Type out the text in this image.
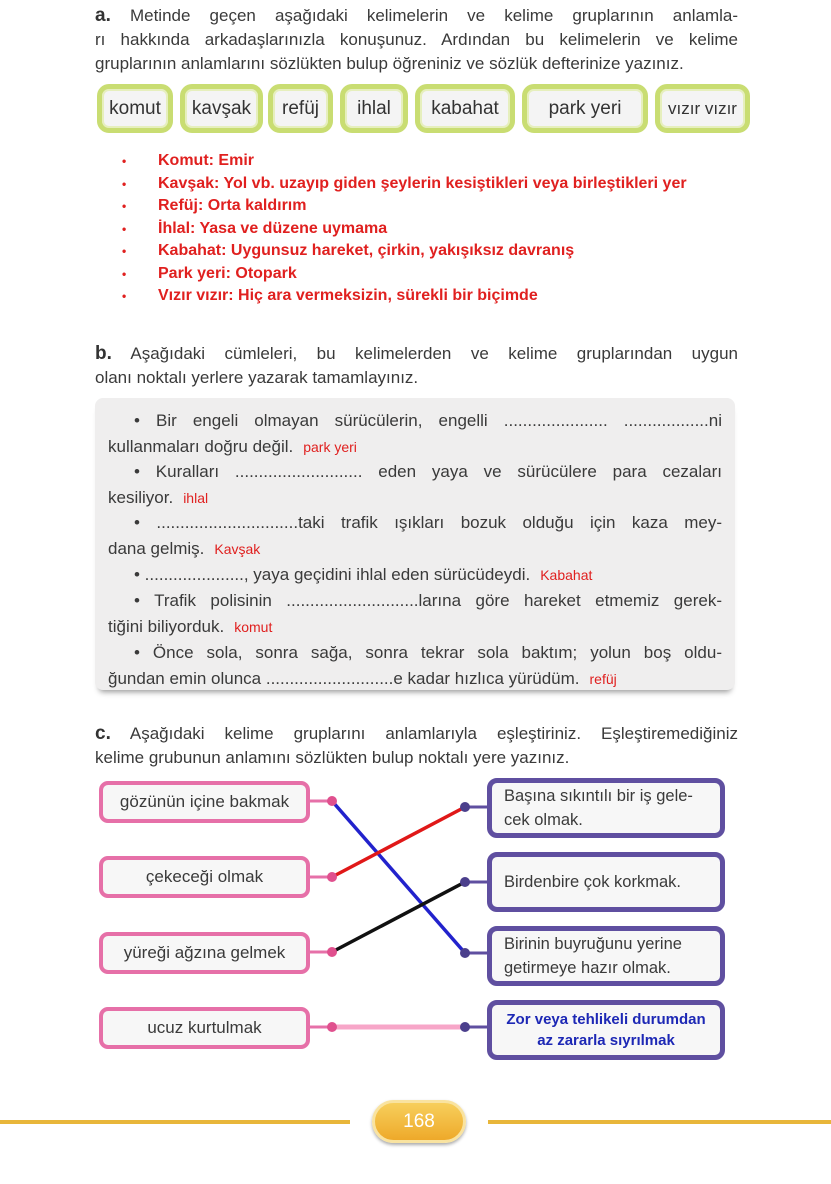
a. Metinde geçen aşağıdaki kelimelerin ve kelime gruplarının anlamla-
rı hakkında arkadaşlarınızla konuşunuz. Ardından bu kelimelerin ve kelime
gruplarının anlamlarını sözlükten bulup öğreniniz ve sözlük defterinize yazınız.
komut	kavşak	refüj	ihlal	kabahat	park yeri	vızır vızır
• Komut: Emir
• Kavşak: Yol vb. uzayıp giden şeylerin kesiştikleri veya birleştikleri yer
• Refüj: Orta kaldırım
• İhlal: Yasa ve düzene uymama
• Kabahat: Uygunsuz hareket, çirkin, yakışıksız davranış
• Park yeri: Otopark
• Vızır vızır: Hiç ara vermeksizin, sürekli bir biçimde
b. Aşağıdaki cümleleri, bu kelimelerden ve kelime gruplarından uygun
olanı noktalı yerlere yazarak tamamlayınız.
• Bir engeli olmayan sürücülerin, engelli ...................... ..................ni
kullanmaları doğru değil. park yeri
• Kuralları ........................... eden yaya ve sürücülere para cezaları
kesiliyor. ihlal
• ..............................taki trafik ışıkları bozuk olduğu için kaza mey-
dana gelmiş. Kavşak
• ....................., yaya geçidini ihlal eden sürücüdeydi. Kabahat
• Trafik polisinin ............................larına göre hareket etmemiz gerek-
tiğini biliyorduk. komut
• Önce sola, sonra sağa, sonra tekrar sola baktım; yolun boş oldu-
ğundan emin olunca ...........................e kadar hızlıca yürüdüm. refüj
c. Aşağıdaki kelime gruplarını anlamlarıyla eşleştiriniz. Eşleştiremediğiniz
kelime grubunun anlamını sözlükten bulup noktalı yere yazınız.
gözünün içine bakmak
çekeceği olmak
yüreği ağzına gelmek
ucuz kurtulmak
Başına sıkıntılı bir iş gele- cek olmak.
Birdenbire çok korkmak.
Birinin buyruğunu yerine getirmeye hazır olmak.
Zor veya tehlikeli durumdan az zararla sıyrılmak
168
